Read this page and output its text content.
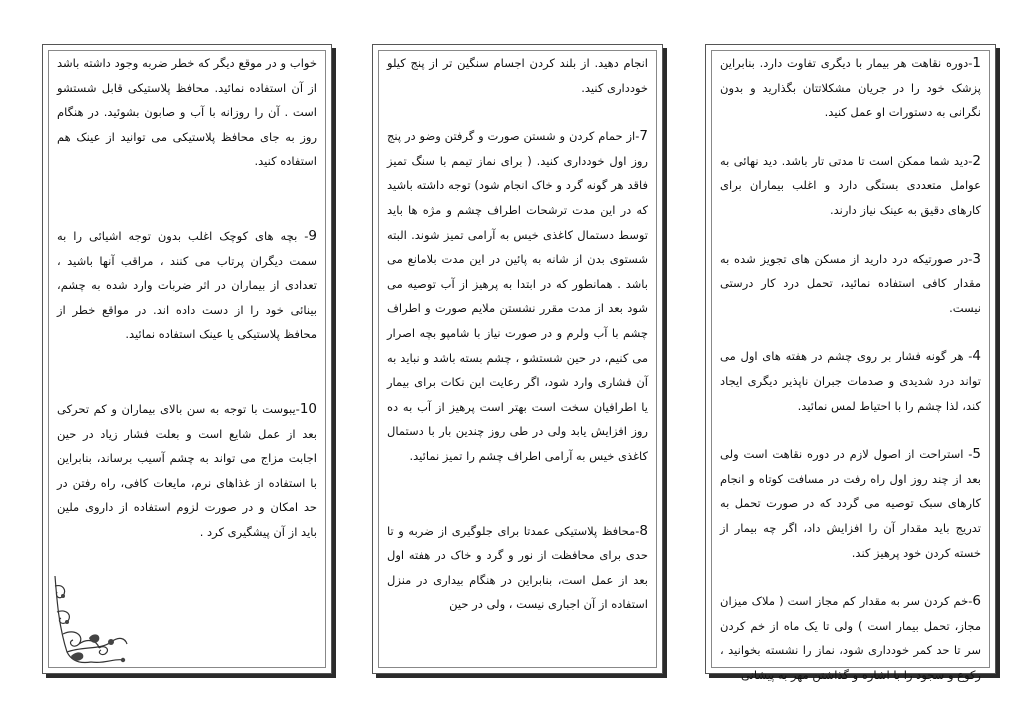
1-دوره نقاهت هر بیمار با دیگری تفاوت دارد. بنابراین پزشک خود را در جریان مشکلاتتان بگذارید و بدون نگرانی به دستورات او عمل کنید.

2-دید شما ممکن است تا مدتی تار باشد. دید نهائی به عوامل متعددی بستگی دارد و اغلب بیماران برای کارهای دقیق به عینک نیاز دارند.

3-در صورتیکه درد دارید از مسکن های تجویز شده به مقدار کافی استفاده نمائید، تحمل درد کار درستی نیست.

4- هر گونه فشار بر روی چشم در هفته های اول می تواند درد شدیدی و صدمات جبران ناپذیر دیگری ایجاد کند، لذا چشم را با احتیاط لمس نمائید.

5- استراحت از اصول لازم در دوره نقاهت است ولی بعد از چند روز اول راه رفت در مسافت کوتاه و انجام کارهای سبک توصیه می گردد که در صورت تحمل به تدریج باید مقدار آن را افزایش داد، اگر چه بیمار از خسته کردن خود پرهیز کند.

6-خم کردن سر به مقدار کم مجاز است ( ملاک میزان مجاز، تحمل بیمار است ) ولی تا یک ماه از خم کردن سر تا حد کمر خودداری شود، نماز را نشسته بخوانید ، رکوع و سجود را با اشاره و گذاشتن مهر به پیشانی

انجام دهید. از بلند کردن اجسام سنگین تر از پنج کیلو خودداری کنید.

7-از حمام کردن و شستن صورت و گرفتن وضو در پنج روز اول خودداری کنید. ( برای نماز تیمم با سنگ تمیز فاقد هر گونه گرد و خاک انجام شود) توجه داشته باشید که در این مدت ترشحات اطراف چشم و مژه ها باید توسط دستمال کاغذی خیس به آرامی تمیز شوند. البته شستوی بدن از شانه به پائین در این مدت بلامانع می باشد . همانطور که در ابتدا به پرهیز از آب توصیه می شود بعد از مدت مقرر نشستن ملایم صورت و اطراف چشم با آب ولرم و در صورت نیاز با شامپو بچه اصرار می کنیم، در حین شستشو ، چشم بسته باشد و نباید به آن فشاری وارد شود، اگر رعایت این نکات برای بیمار یا اطرافیان سخت است بهتر است پرهیز از آب به ده روز افزایش یابد ولی در طی روز چندین بار با دستمال کاغذی خیس به آرامی اطراف چشم را تمیز نمائید.

8-محافظ پلاستیکی عمدتا برای جلوگیری از ضربه و تا حدی برای محافظت از نور و گرد و خاک در هفته اول بعد از عمل است، بنابراین در هنگام بیداری در منزل استفاده از آن اجباری نیست ، ولی در حین

خواب و در موقع دیگر که خطر ضربه وجود داشته باشد از آن استفاده نمائید. محافظ پلاستیکی قابل شستشو است . آن را روزانه با آب و صابون بشوئید. در هنگام روز به جای محافظ پلاستیکی می توانید از عینک هم استفاده کنید.

9- بچه های کوچک اغلب بدون توجه اشیائی را به سمت دیگران پرتاب می کنند ، مراقب آنها باشید ، تعدادی از بیماران در اثر ضربات وارد شده به چشم، بینائی خود را از دست داده اند. در مواقع خطر از محافظ پلاستیکی یا عینک استفاده نمائید.

10-یبوست با توجه به سن بالای بیماران و کم تحرکی بعد از عمل شایع است و بعلت فشار زیاد در حین اجابت مزاج می تواند به چشم آسیب برساند، بنابراین با استفاده از غذاهای نرم، مایعات کافی، راه رفتن در حد امکان و در صورت لزوم استفاده از داروی ملین باید از آن پیشگیری کرد .
